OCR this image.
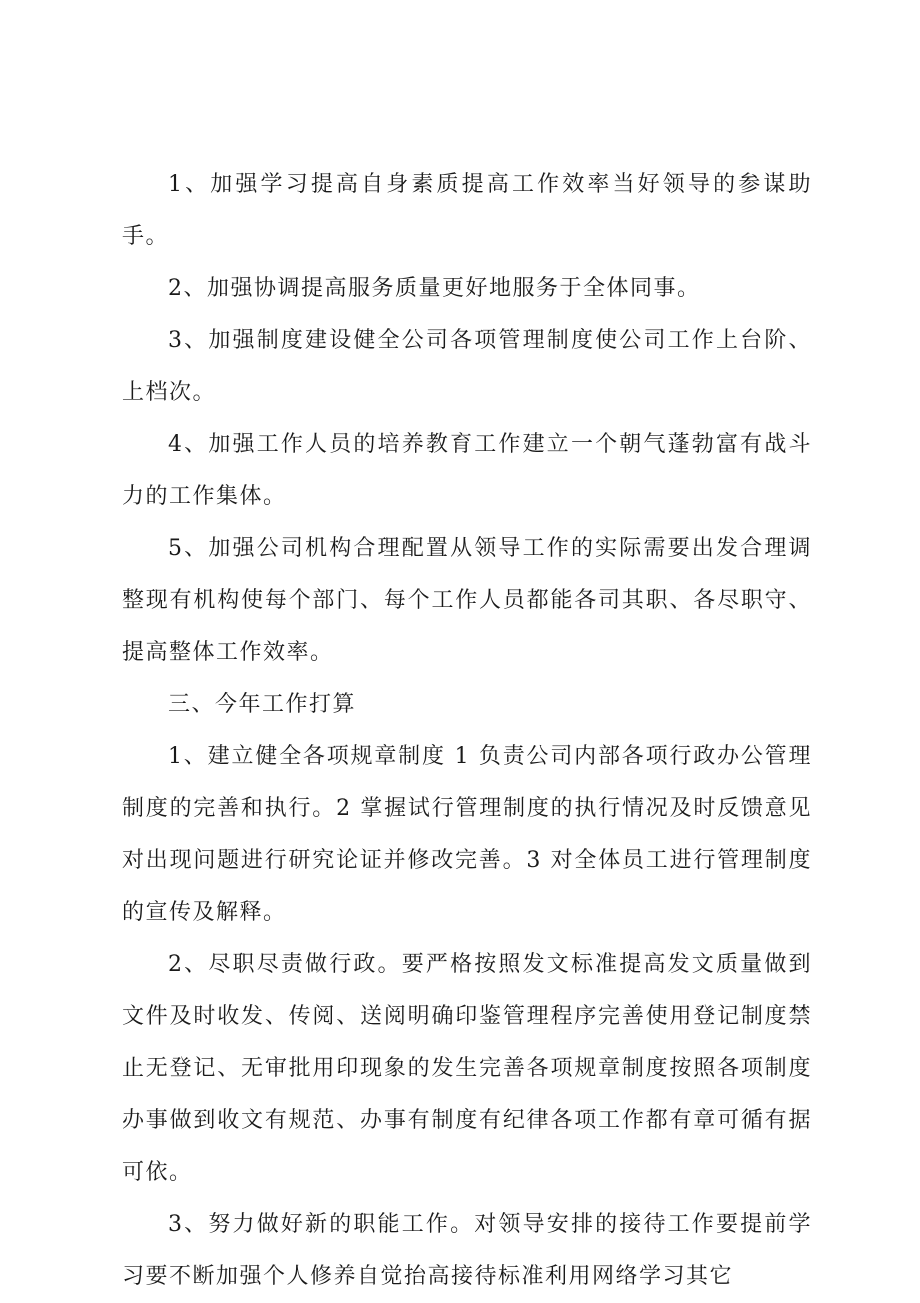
1、加强学习提高自身素质提高工作效率当好领导的参谋助手。

2、加强协调提高服务质量更好地服务于全体同事。

3、加强制度建设健全公司各项管理制度使公司工作上台阶、上档次。

4、加强工作人员的培养教育工作建立一个朝气蓬勃富有战斗力的工作集体。

5、加强公司机构合理配置从领导工作的实际需要出发合理调整现有机构使每个部门、每个工作人员都能各司其职、各尽职守、提高整体工作效率。

三、今年工作打算

1、建立健全各项规章制度 1 负责公司内部各项行政办公管理制度的完善和执行。2 掌握试行管理制度的执行情况及时反馈意见对出现问题进行研究论证并修改完善。3 对全体员工进行管理制度的宣传及解释。

2、尽职尽责做行政。要严格按照发文标准提高发文质量做到文件及时收发、传阅、送阅明确印鉴管理程序完善使用登记制度禁止无登记、无审批用印现象的发生完善各项规章制度按照各项制度办事做到收文有规范、办事有制度有纪律各项工作都有章可循有据可依。

3、努力做好新的职能工作。对领导安排的接待工作要提前学习要不断加强个人修养自觉抬高接待标准利用网络学习其它
